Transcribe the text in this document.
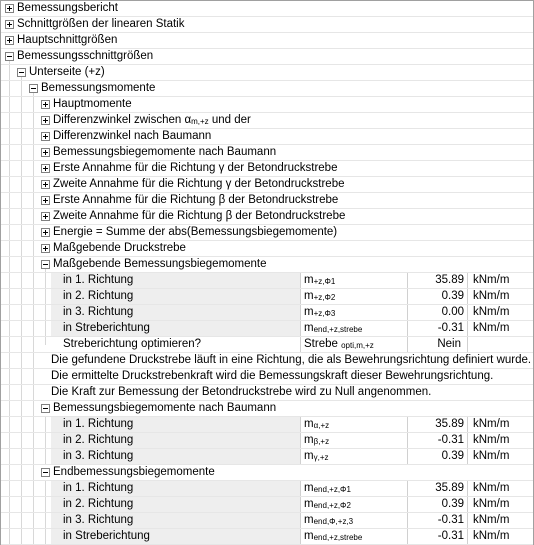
Bemessungsbericht
Schnittgrößen der linearen Statik
Hauptschnittgrößen
Bemessungsschnittgrößen
Unterseite (+z)
Bemessungsmomente
Hauptmomente
Differenzwinkel zwischen αm,+z und der
Differenzwinkel nach Baumann
Bemessungsbiegemomente nach Baumann
Erste Annahme für die Richtung γ der Betondruckstrebe
Zweite Annahme für die Richtung γ der Betondruckstrebe
Erste Annahme für die Richtung β der Betondruckstrebe
Zweite Annahme für die Richtung β der Betondruckstrebe
Energie = Summe der abs(Bemessungsbiegemomente)
Maßgebende Druckstrebe
Maßgebende Bemessungsbiegemomente
in 1. Richtung	m+z,Φ1	35.89 kNm/m
in 2. Richtung	m+z,Φ2	0.39 kNm/m
in 3. Richtung	m+z,Φ3	0.00 kNm/m
in Streberichtung	mend,+z,strebe	-0.31 kNm/m
Streberichtung optimieren?	Strebe opti,m,+z	Nein
Die gefundene Druckstrebe läuft in eine Richtung, die als Bewehrungsrichtung definiert wurde.
Die ermittelte Druckstrebenkraft wird die Bemessungskraft dieser Bewehrungsrichtung.
Die Kraft zur Bemessung der Betondruckstrebe wird zu Null angenommen.
Bemessungsbiegemomente nach Baumann
in 1. Richtung	mα,+z	35.89 kNm/m
in 2. Richtung	mβ,+z	-0.31 kNm/m
in 3. Richtung	mγ,+z	0.39 kNm/m
Endbemessungsbiegemomente
in 1. Richtung	mend,+z,Φ1	35.89 kNm/m
in 2. Richtung	mend,+z,Φ2	0.39 kNm/m
in 3. Richtung	mend,Φ,+z,3	-0.31 kNm/m
in Streberichtung	mend,+z,strebe	-0.31 kNm/m
